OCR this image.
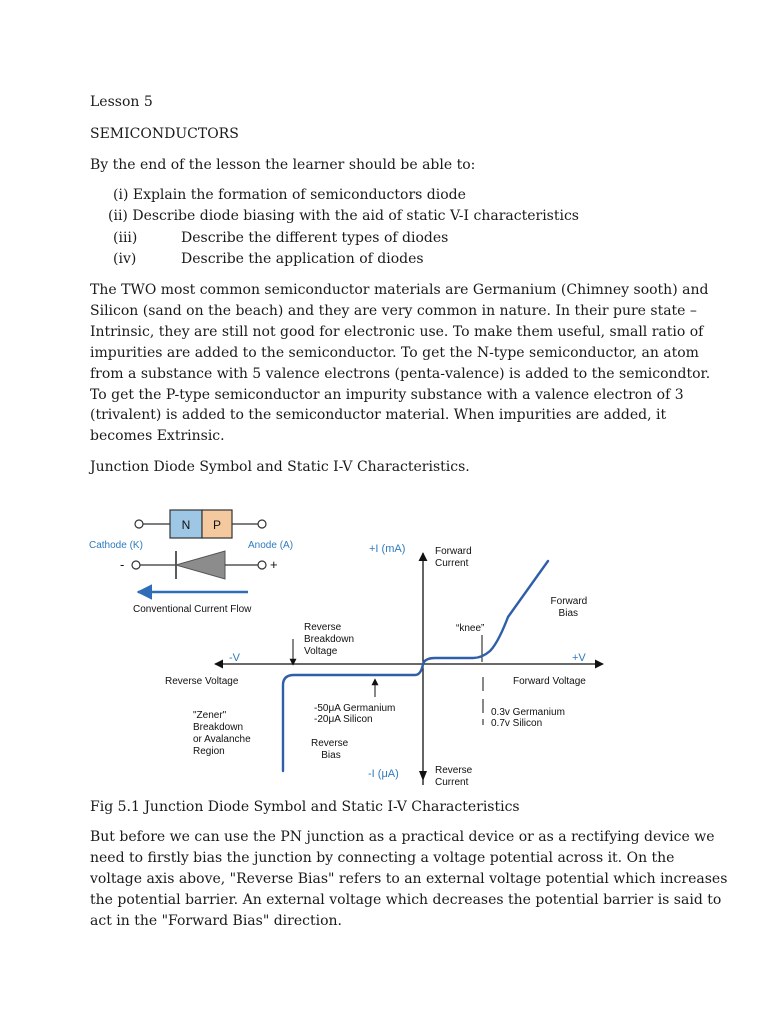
Lesson 5
SEMICONDUCTORS
By the end of the lesson the learner should be able to:
(i) Explain the formation of semiconductors diode
(ii) Describe diode biasing with the aid of static V-I characteristics
(iii)	Describe the different types of diodes
(iv)	Describe the application of diodes
The TWO most common semiconductor materials are Germanium (Chimney sooth) and
Silicon (sand on the beach) and they are very common in nature. In their pure state –
Intrinsic, they are still not good for electronic use. To make them useful, small ratio of
impurities are added to the semiconductor. To get the N-type semiconductor, an atom
from a substance with 5 valence electrons (penta-valence) is added to the semicondtor.
To get the P-type semiconductor an impurity substance with a valence electron of 3
(trivalent) is added to the semiconductor material. When impurities are added, it
becomes Extrinsic.
Junction Diode Symbol and Static I-V Characteristics.
N P
Cathode (K)	Anode (A)
-	+
Conventional Current Flow
+I (mA)
-I (μA)
-V	+V
Forward Current
Reverse Current
Forward Bias
“knee”
Reverse Breakdown Voltage
Reverse Voltage	Forward Voltage
-50μA Germanium -20μA Silicon
0.3v Germanium 0.7v Silicon
"Zener" Breakdown or Avalanche Region
Reverse Bias
Fig 5.1 Junction Diode Symbol and Static I-V Characteristics
But before we can use the PN junction as a practical device or as a rectifying device we
need to firstly bias the junction by connecting a voltage potential across it. On the
voltage axis above, "Reverse Bias" refers to an external voltage potential which increases
the potential barrier. An external voltage which decreases the potential barrier is said to
act in the "Forward Bias" direction.
